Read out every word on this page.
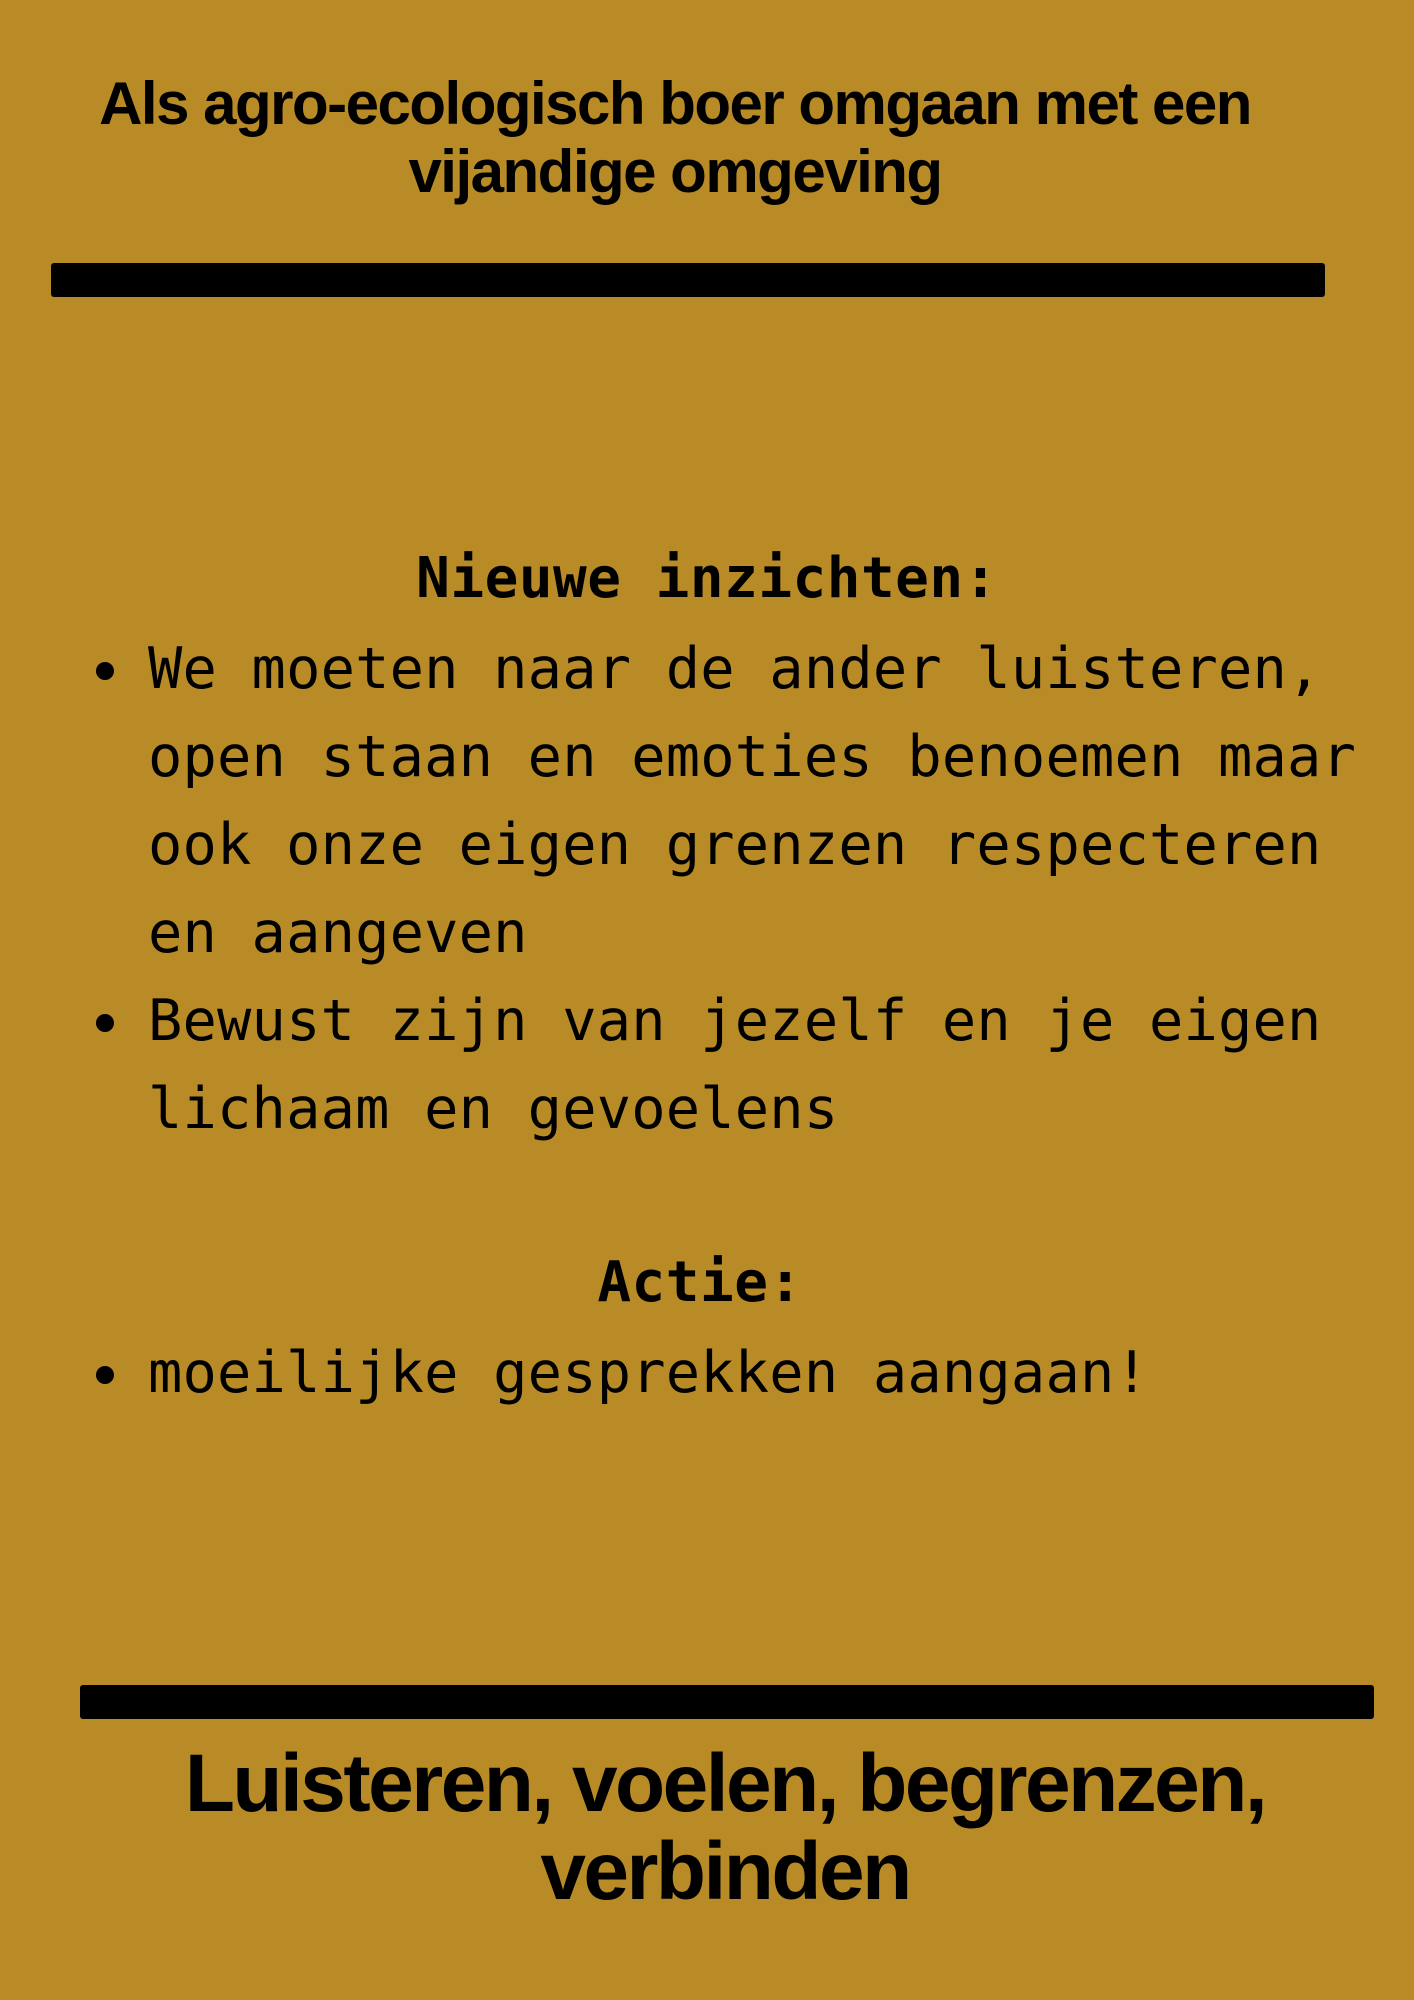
Als agro-ecologisch boer omgaan met een vijandige omgeving
Nieuwe inzichten:
We moeten naar de ander luisteren, open staan en emoties benoemen maar ook onze eigen grenzen respecteren en aangeven
Bewust zijn van jezelf en je eigen lichaam en gevoelens
Actie:
moeilijke gesprekken aangaan!
Luisteren, voelen, begrenzen, verbinden
